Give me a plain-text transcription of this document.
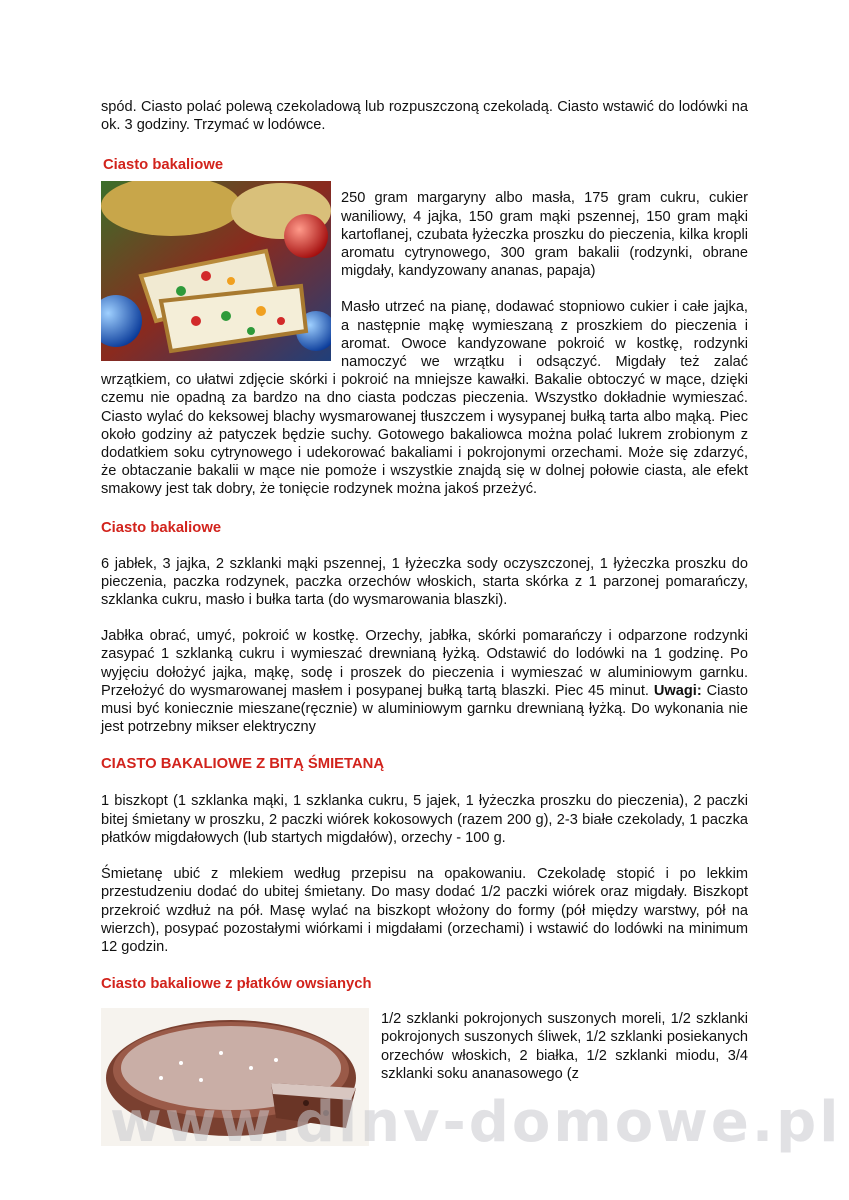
spód. Ciasto polać polewą czekoladową lub rozpuszczoną czekoladą. Ciasto wstawić do lodówki na ok. 3 godziny. Trzymać w lodówce.

Ciasto bakaliowe

250 gram margaryny albo masła, 175 gram cukru, cukier waniliowy, 4 jajka, 150 gram mąki pszennej, 150 gram mąki kartoflanej, czubata łyżeczka proszku do pieczenia, kilka kropli aromatu cytrynowego, 300 gram bakalii (rodzynki, obrane migdały, kandyzowany ananas, papaja)

Masło utrzeć na pianę, dodawać stopniowo cukier i całe jajka, a następnie mąkę wymieszaną z proszkiem do pieczenia i aromat. Owoce kandyzowane pokroić w kostkę, rodzynki namoczyć we wrzątku i odsączyć. Migdały też zalać wrzątkiem, co ułatwi zdjęcie skórki i pokroić na mniejsze kawałki. Bakalie obtoczyć w mące, dzięki czemu nie opadną za bardzo na dno ciasta podczas pieczenia. Wszystko dokładnie wymieszać. Ciasto wylać do keksowej blachy wysmarowanej tłuszczem i wysypanej bułką tarta albo mąką. Piec około godziny aż patyczek będzie suchy. Gotowego bakaliowca można polać lukrem zrobionym z dodatkiem soku cytrynowego i udekorować bakaliami i pokrojonymi orzechami. Może się zdarzyć, że obtaczanie bakalii w mące nie pomoże i wszystkie znajdą się w dolnej połowie ciasta, ale efekt smakowy jest tak dobry, że tonięcie rodzynek można jakoś przeżyć.

Ciasto bakaliowe

6 jabłek, 3 jajka, 2 szklanki mąki pszennej, 1 łyżeczka sody oczyszczonej, 1 łyżeczka proszku do pieczenia, paczka rodzynek, paczka orzechów włoskich, starta skórka z 1 parzonej pomarańczy, szklanka cukru, masło i bułka tarta (do wysmarowania blaszki).

Jabłka obrać, umyć, pokroić w kostkę. Orzechy, jabłka, skórki pomarańczy i odparzone rodzynki zasypać 1 szklanką cukru i wymieszać drewnianą łyżką. Odstawić do lodówki na 1 godzinę. Po wyjęciu dołożyć jajka, mąkę, sodę i proszek do pieczenia i wymieszać w aluminiowym garnku. Przełożyć do wysmarowanej masłem i posypanej bułką tartą blaszki. Piec 45 minut. Uwagi: Ciasto musi być koniecznie mieszane(ręcznie) w aluminiowym garnku drewnianą łyżką. Do wykonania nie jest potrzebny mikser elektryczny

CIASTO BAKALIOWE Z BITĄ ŚMIETANĄ

1 biszkopt (1 szklanka mąki, 1 szklanka cukru, 5 jajek, 1 łyżeczka proszku do pieczenia), 2 paczki bitej śmietany w proszku, 2 paczki wiórek kokosowych (razem 200 g), 2-3 białe czekolady, 1 paczka płatków migdałowych (lub startych migdałów), orzechy - 100 g.

Śmietanę ubić z mlekiem według przepisu na opakowaniu. Czekoladę stopić i po lekkim przestudzeniu dodać do ubitej śmietany. Do masy dodać 1/2 paczki wiórek oraz migdały. Biszkopt przekroić wzdłuż na pół. Masę wylać na biszkopt włożony do formy (pół między warstwy, pół na wierzch), posypać pozostałymi wiórkami i migdałami (orzechami) i wstawić do lodówki na minimum 12 godzin.

Ciasto bakaliowe z płatków owsianych

1/2 szklanki pokrojonych suszonych moreli, 1/2 szklanki pokrojonych suszonych śliwek, 1/2 szklanki posiekanych orzechów włoskich, 2 białka, 1/2 szklanki miodu, 3/4 szklanki soku ananasowego (z

www.dlnv-domowe.pl
